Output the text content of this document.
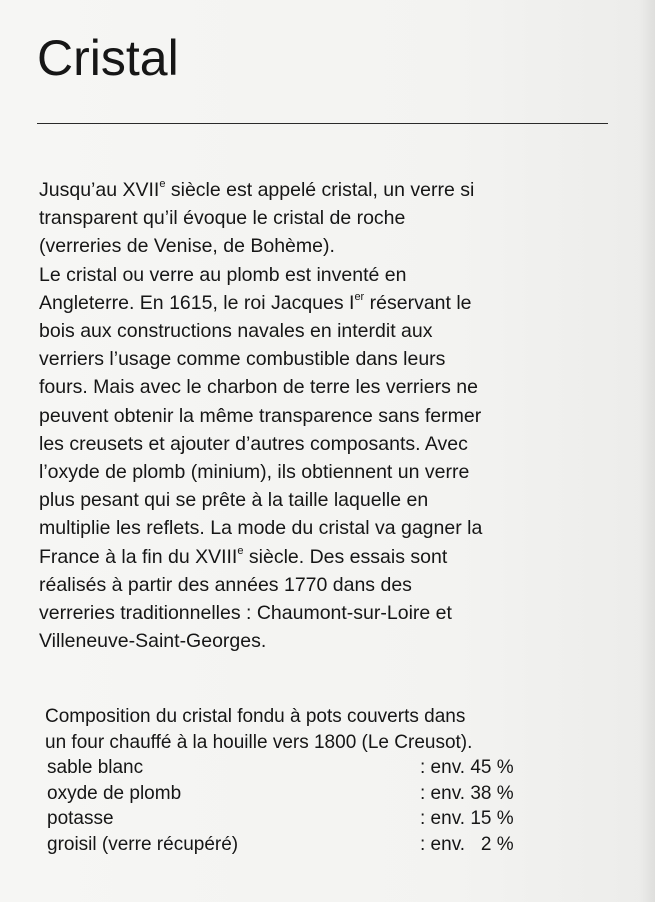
Cristal
Jusqu’au XVIIe siècle est appelé cristal, un verre si
transparent qu’il évoque le cristal de roche
(verreries de Venise, de Bohème).
Le cristal ou verre au plomb est inventé en
Angleterre. En 1615, le roi Jacques Ier réservant le
bois aux constructions navales en interdit aux
verriers l’usage comme combustible dans leurs
fours. Mais avec le charbon de terre les verriers ne
peuvent obtenir la même transparence sans fermer
les creusets et ajouter d’autres composants. Avec
l’oxyde de plomb (minium), ils obtiennent un verre
plus pesant qui se prête à la taille laquelle en
multiplie les reflets. La mode du cristal va gagner la
France à la fin du XVIIIe siècle. Des essais sont
réalisés à partir des années 1770 dans des
verreries traditionnelles : Chaumont-sur-Loire et
Villeneuve-Saint-Georges.
Composition du cristal fondu à pots couverts dans
un four chauffé à la houille vers 1800 (Le Creusot).
sable blanc	: env. 45 %
oxyde de plomb	: env. 38 %
potasse	: env. 15 %
groisil (verre récupéré)	: env.   2 %
